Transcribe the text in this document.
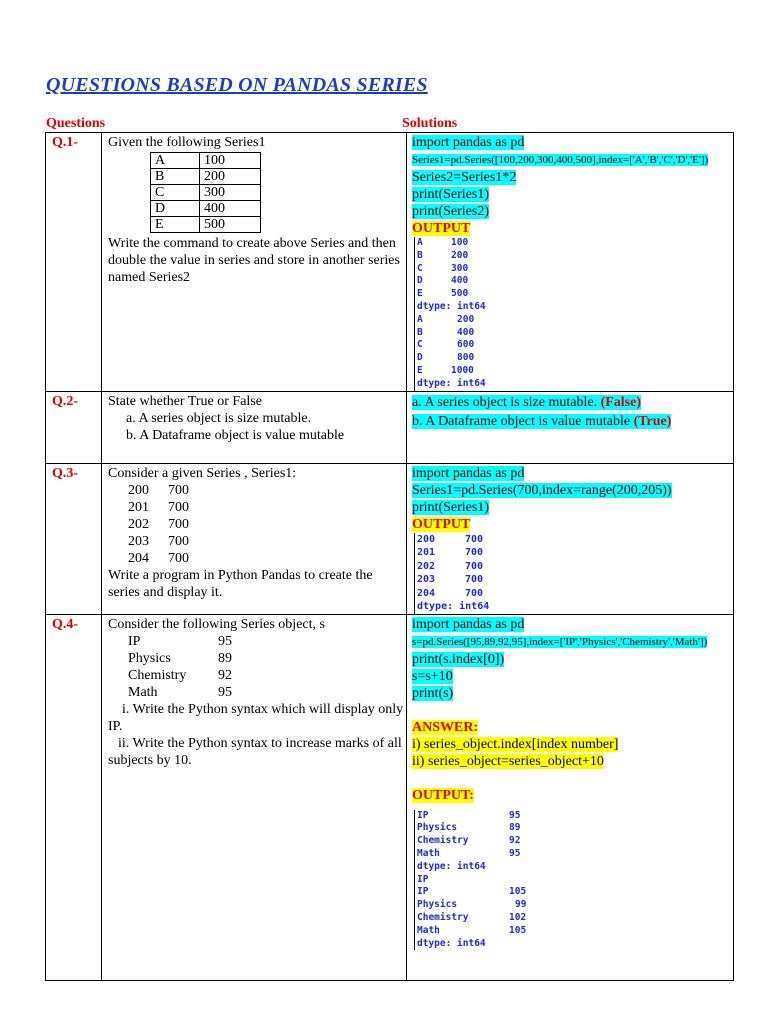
QUESTIONS BASED ON PANDAS SERIES
Questions	Solutions
Q.1-	Given the following Series1
A	100
B	200
C	300
D	400
E	500
Write the command to create above Series and then double the value in series and store in another series named Series2

import pandas as pd
Series1=pd.Series([100,200,300,400,500],index=['A','B','C','D','E'])
Series2=Series1*2
print(Series1)
print(Series2)
OUTPUT
A	100
B	200
C	300
D	400
E	500
dtype: int64
A	200
B	400
C	600
D	800
E	1000
dtype: int64

Q.2-	State whether True or False
a. A series object is size mutable.
b. A Dataframe object is value mutable

a. A series object is size mutable. (False)
b. A Dataframe object is value mutable (True)

Q.3-	Consider a given Series , Series1:
200	700
201	700
202	700
203	700
204	700
Write a program in Python Pandas to create the series and display it.

import pandas as pd
Series1=pd.Series(700,index=range(200,205))
print(Series1)
OUTPUT
200	700
201	700
202	700
203	700
204	700
dtype: int64

Q.4-	Consider the following Series object, s
IP	95
Physics	89
Chemistry	92
Math	95
i. Write the Python syntax which will display only IP.
ii. Write the Python syntax to increase marks of all subjects by 10.

import pandas as pd
s=pd.Series([95,89,92,95],index=['IP','Physics','Chemistry','Math'])
print(s.index[0])
s=s+10
print(s)
ANSWER:
i) series_object.index[index number]
ii) series_object=series_object+10
OUTPUT:
IP	95
Physics	89
Chemistry	92
Math	95
dtype: int64
IP
IP	105
Physics	99
Chemistry	102
Math	105
dtype: int64
